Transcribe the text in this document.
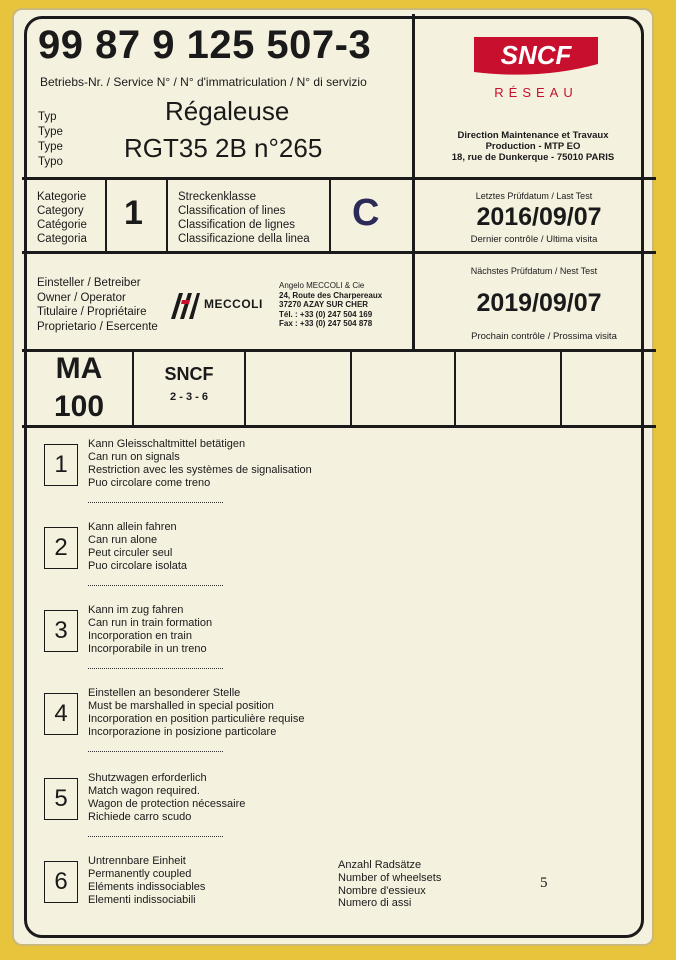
99 87 9 125 507-3
Betriebs-Nr. / Service N° / N° d'immatriculation / N° di servizio
Typ
Type
Type
Typo
Régaleuse
RGT35 2B n°265
SNCF
RÉSEAU
Direction Maintenance et Travaux
Production - MTP EO
18, rue de Dunkerque - 75010 PARIS
Kategorie
Category
Catégorie
Categoria
1	Streckenklasse
Classification of lines
Classification de lignes
Classificazione della linea
C	Letztes Prüfdatum / Last Test
2016/09/07
Dernier contrôle / Ultima visita
Einsteller / Betreiber
Owner / Operator
Titulaire / Propriétaire
Proprietario / Esercente
MECCOLI
Angelo MECCOLI & Cie
24, Route des Charpereaux
37270 AZAY SUR CHER
Tél. : +33 (0) 247 504 169
Fax : +33 (0) 247 504 878
Nächstes Prüfdatum / Nest Test
2019/09/07
Prochain contrôle / Prossima visita
MA
100
SNCF
2 - 3 - 6
1
Kann Gleisschaltmittel betätigen
Can run on signals
Restriction avec les systèmes de signalisation
Puo circolare come treno
2
Kann allein fahren
Can run alone
Peut circuler seul
Puo circolare isolata
3
Kann im zug fahren
Can run in train formation
Incorporation en train
Incorporabile in un treno
4
Einstellen an besonderer Stelle
Must be marshalled in special position
Incorporation en position particulière requise
Incorporazione in posizione particolare
5
Shutzwagen erforderlich
Match wagon required.
Wagon de protection nécessaire
Richiede carro scudo
6
Untrennbare Einheit
Permanently coupled
Eléments indissociables
Elementi indissociabili
Anzahl Radsätze
Number of wheelsets
Nombre d'essieux
Numero di assi
5
